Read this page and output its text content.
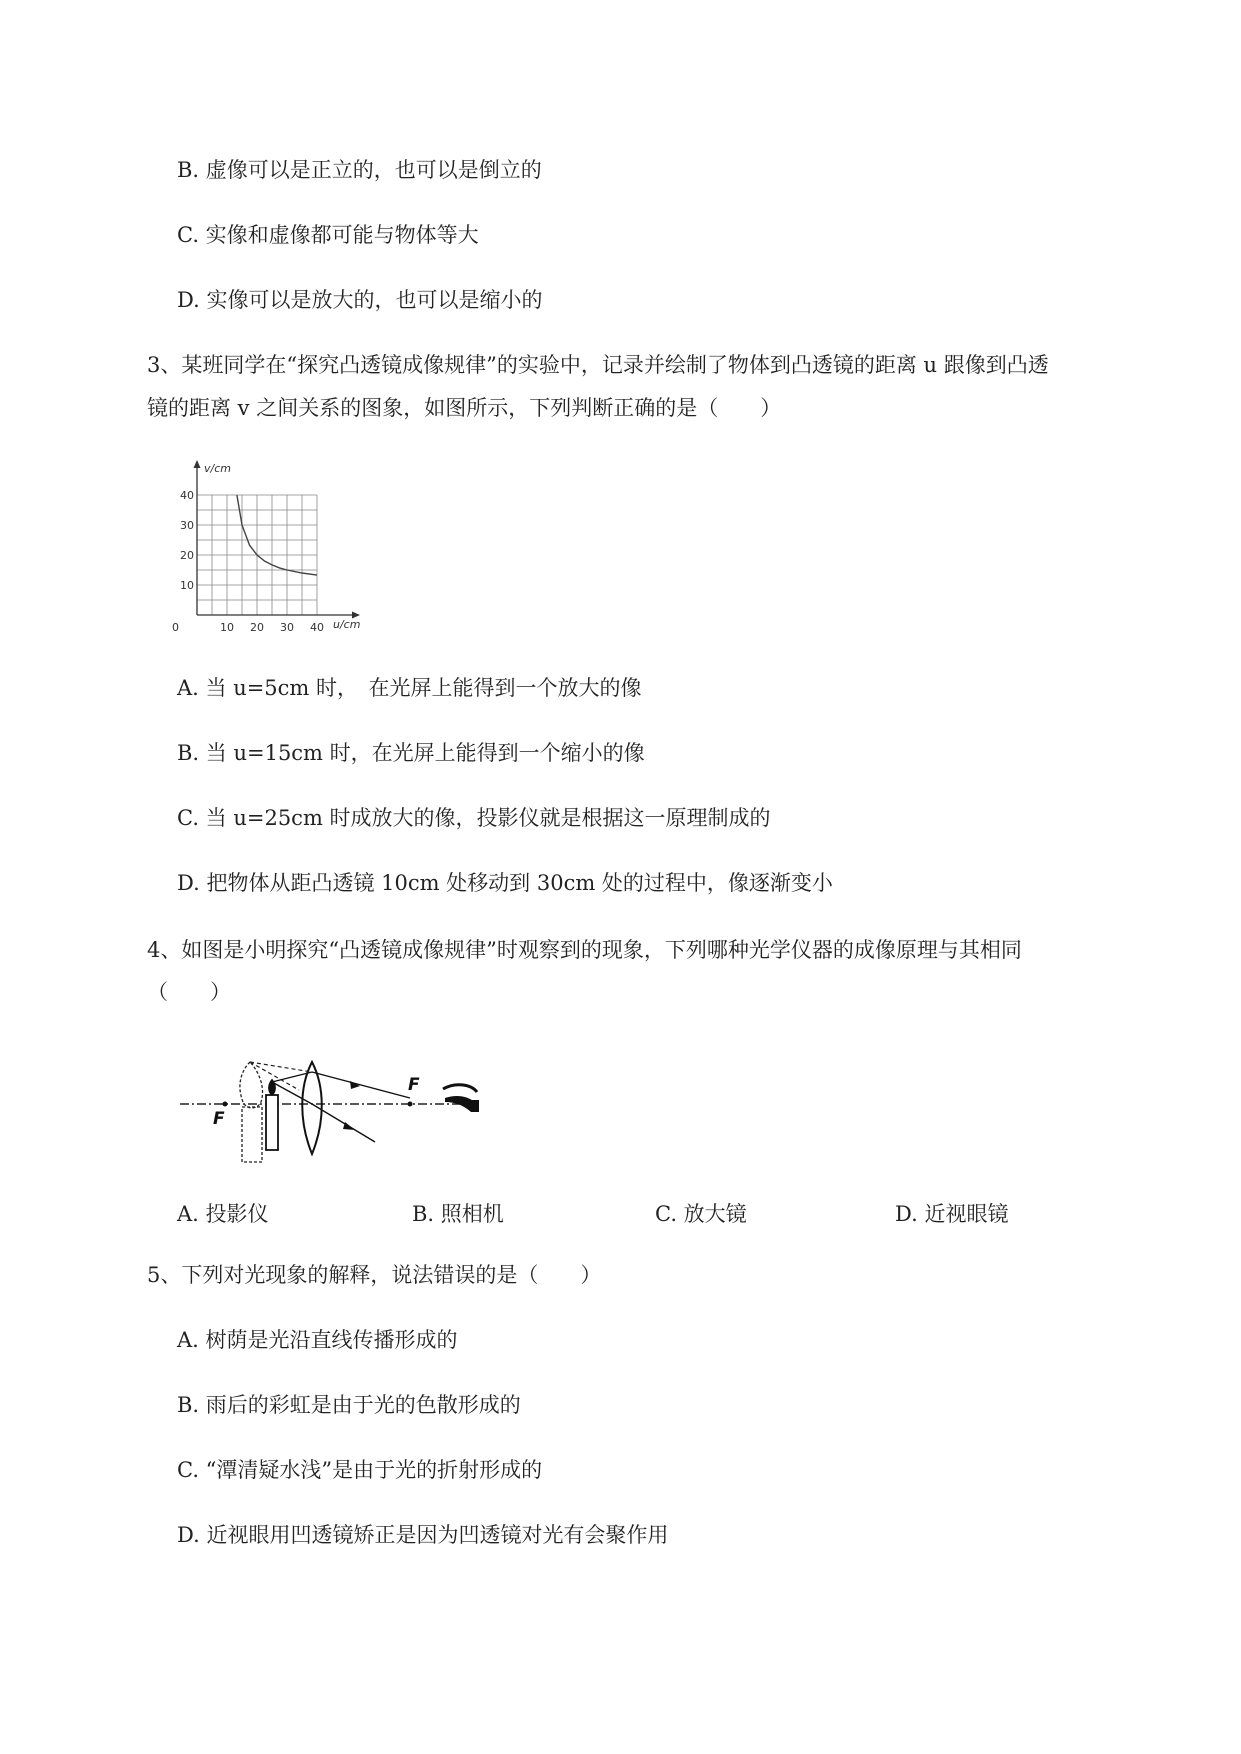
B. 虚像可以是正立的，也可以是倒立的
C. 实像和虚像都可能与物体等大
D. 实像可以是放大的，也可以是缩小的
3、某班同学在“探究凸透镜成像规律”的实验中，记录并绘制了物体到凸透镜的距离 u 跟像到凸透
镜的距离 v 之间关系的图象，如图所示，下列判断正确的是（　　）
0	10 20 30 40
10
20
30
40
v/cm
u/cm
A. 当 u=5cm 时，　在光屏上能得到一个放大的像
B. 当 u=15cm 时，在光屏上能得到一个缩小的像
C. 当 u=25cm 时成放大的像，投影仪就是根据这一原理制成的
D. 把物体从距凸透镜 10cm 处移动到 30cm 处的过程中，像逐渐变小
4、如图是小明探究“凸透镜成像规律”时观察到的现象，下列哪种光学仪器的成像原理与其相同
（　　）
F
F
A. 投影仪	B. 照相机	C. 放大镜	D. 近视眼镜
5、下列对光现象的解释，说法错误的是（　　）
A. 树荫是光沿直线传播形成的
B. 雨后的彩虹是由于光的色散形成的
C. “潭清疑水浅”是由于光的折射形成的
D. 近视眼用凹透镜矫正是因为凹透镜对光有会聚作用
